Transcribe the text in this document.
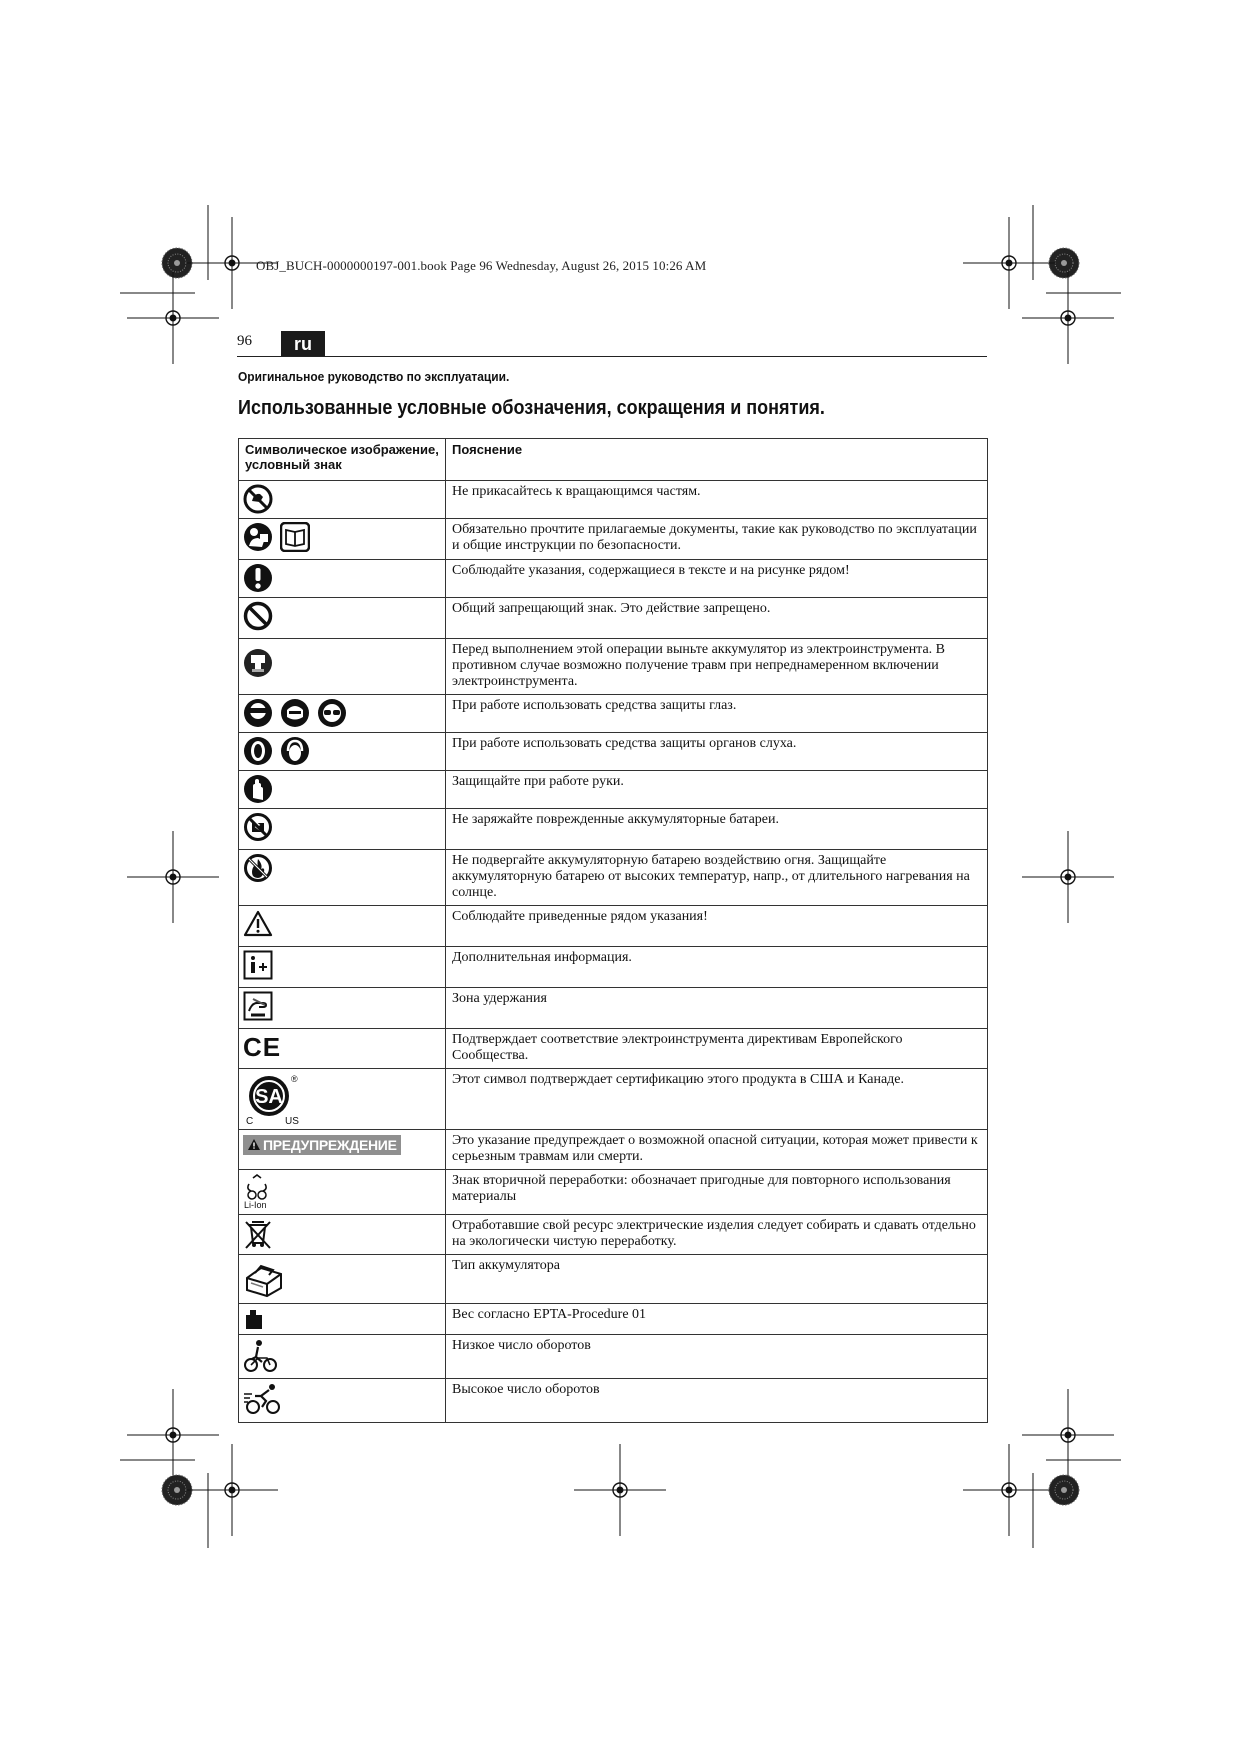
OBJ_BUCH-0000000197-001.book Page 96 Wednesday, August 26, 2015 10:26 AM
96	ru
Оригинальное руководство по эксплуатации.
Использованные условные обозначения, сокращения и понятия.
Символическое изображение, условный знак	Пояснение
	Не прикасайтесь к вращающимся частям.
	Обязательно прочтите прилагаемые документы, такие как руководство по эксплуатации и общие инструкции по безопасности.
	Соблюдайте указания, содержащиеся в тексте и на рисунке рядом!
	Общий запрещающий знак. Это действие запрещено.
	Перед выполнением этой операции выньте аккумулятор из электроинструмента. В противном случае возможно получение травм при непреднамеренном включении электроинструмента.
	При работе использовать средства защиты глаз.
	При работе использовать средства защиты органов слуха.
	Защищайте при работе руки.
	Не заряжайте поврежденные аккумуляторные батареи.
	Не подвергайте аккумуляторную батарею воздействию огня. Защищайте аккумуляторную батарею от высоких температур, напр., от длительного нагревания на солнце.
	Соблюдайте приведенные рядом указания!
	Дополнительная информация.
	Зона удержания
CE	Подтверждает соответствие электроинструмента директивам Европейского Сообщества.

SA
®
C US	Этот символ подтверждает сертификацию этого продукта в США и Канаде.
ПРЕДУПРЕЖДЕНИЕ	Это указание предупреждает о возможной опасной ситуации, которая может привести к серьезным травмам или смерти.

Li-Ion	Знак вторичной переработки: обозначает пригодные для повторного использования материалы
	Отработавшие свой ресурс электрические изделия следует собирать и сдавать отдельно на экологически чистую переработку.
	Тип аккумулятора
	Вес согласно EPTA-Procedure 01
	Низкое число оборотов
	Высокое число оборотов
